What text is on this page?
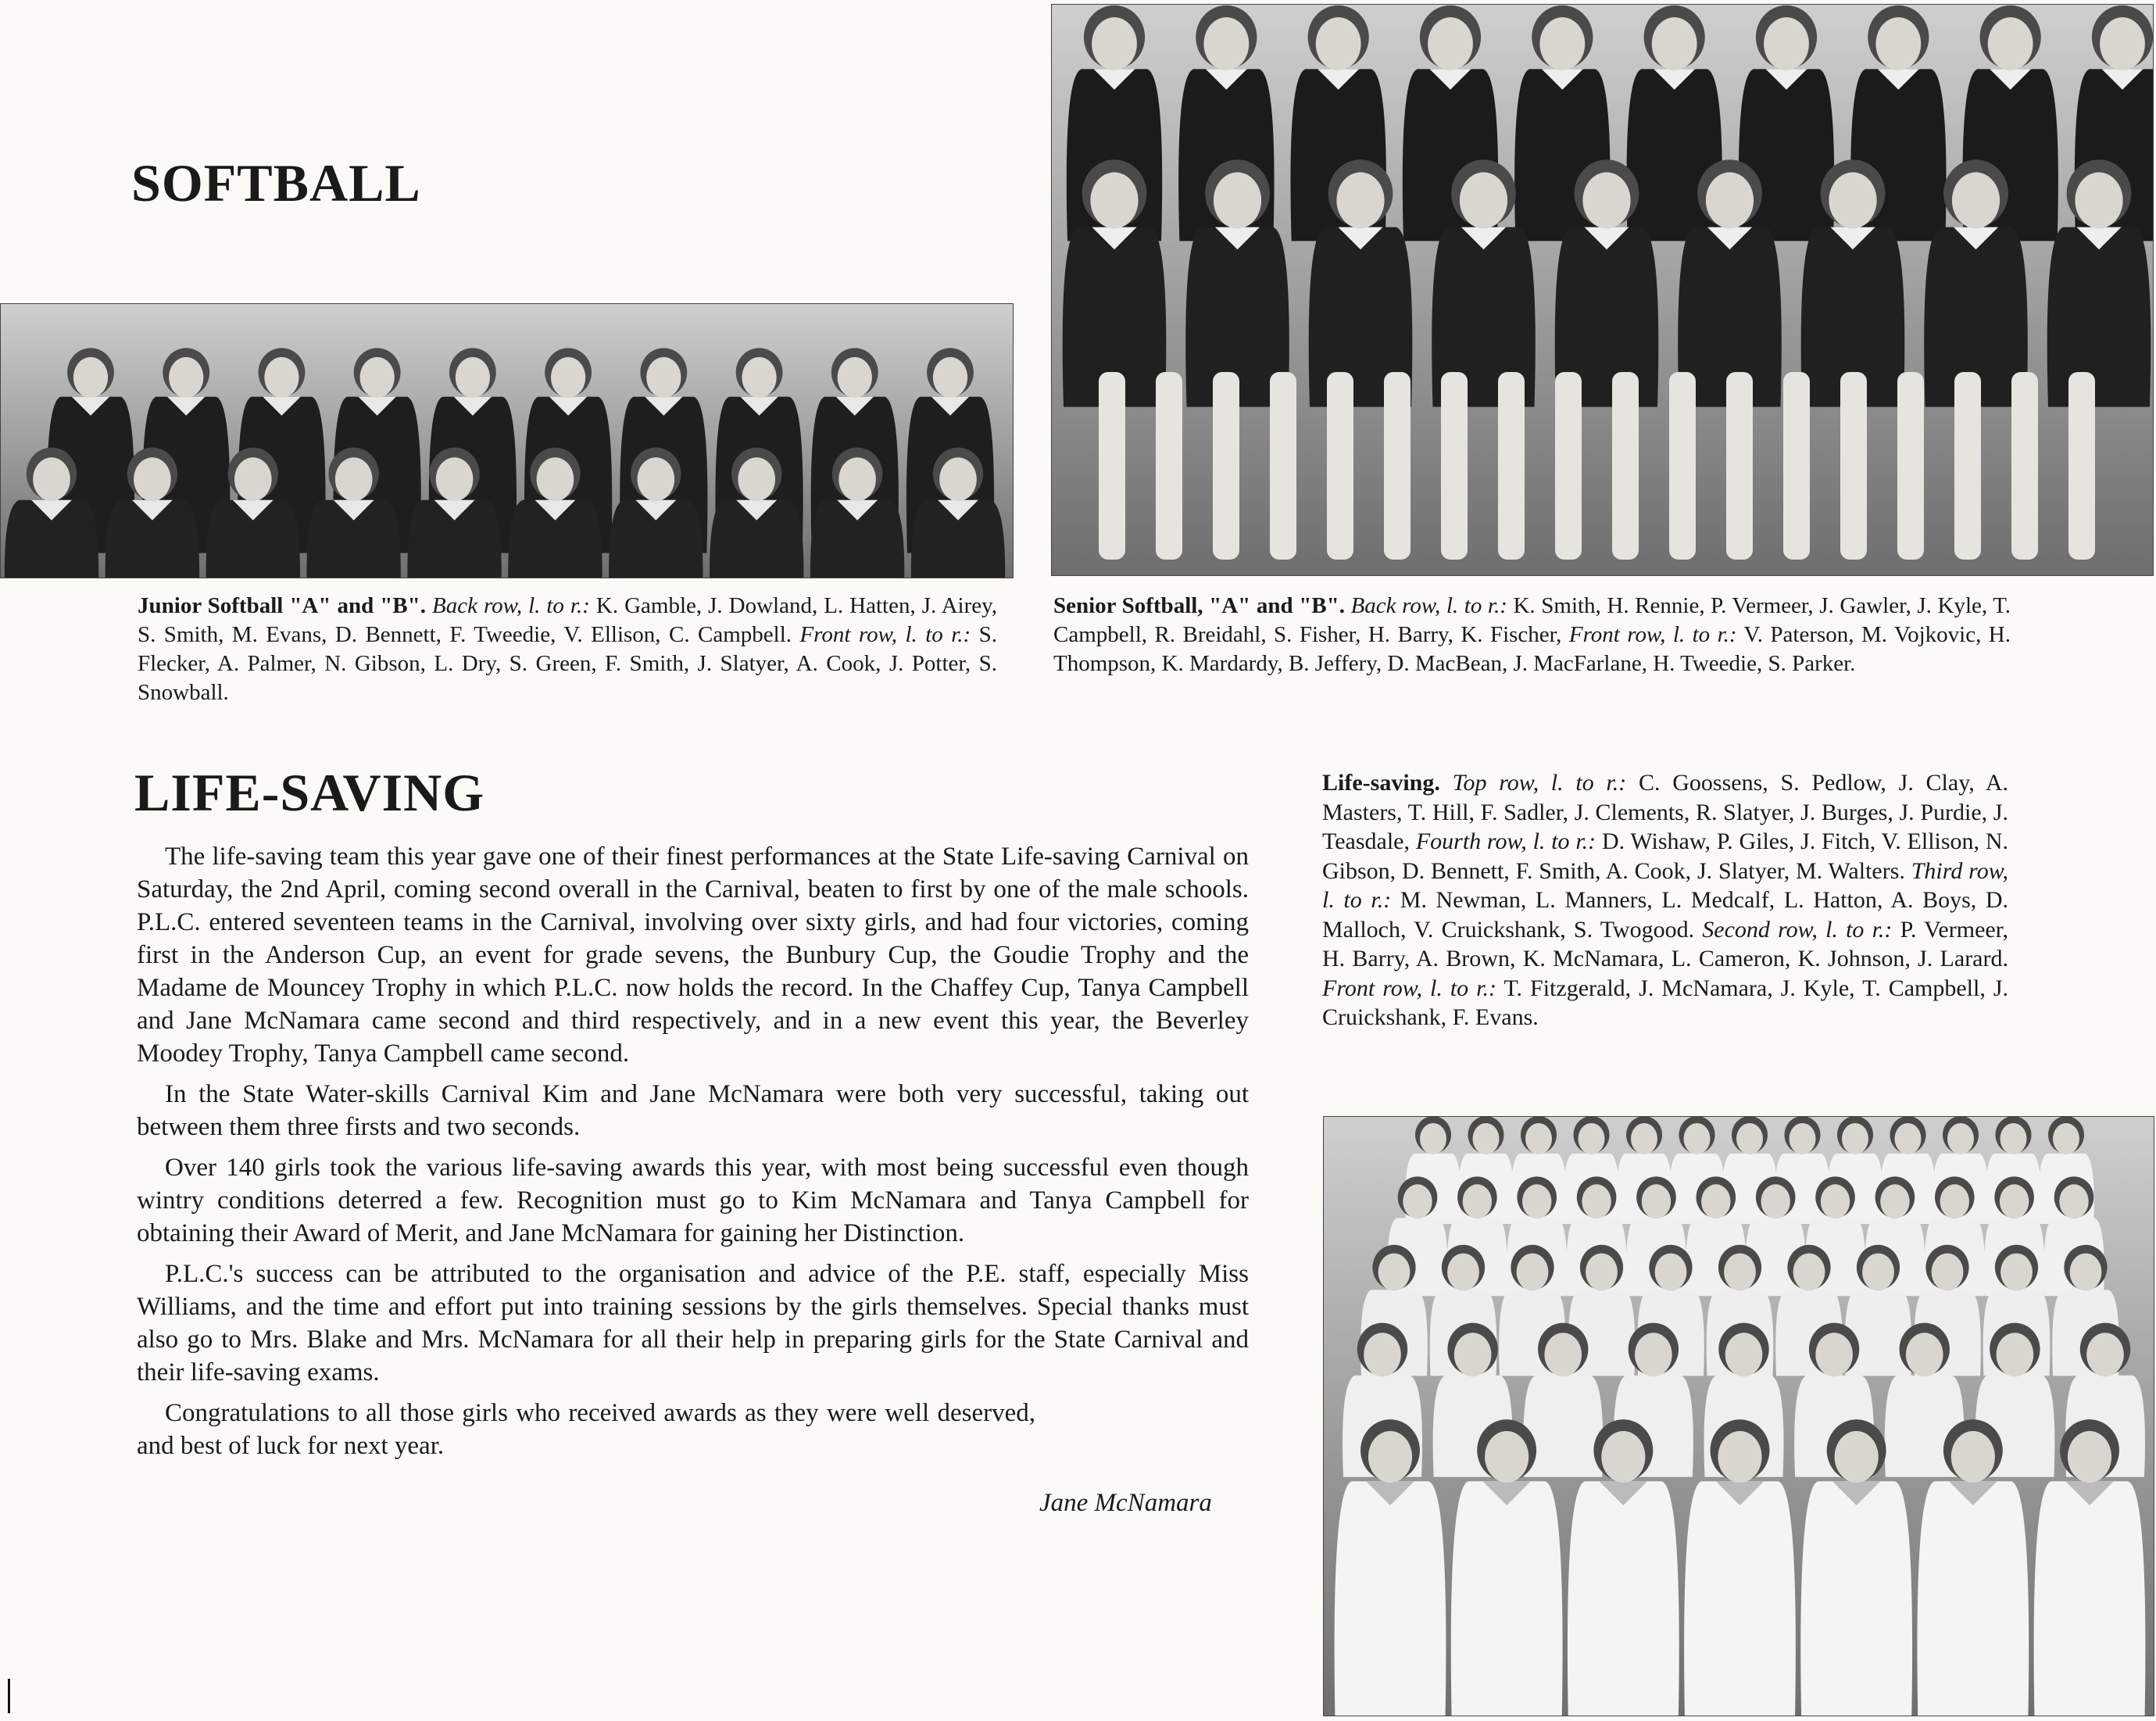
SOFTBALL
LIFE-SAVING

Junior Softball "A" and "B". Back row, l. to r.: K. Gamble, J. Dowland, L. Hatten, J. Airey, S. Smith, M. Evans, D. Bennett, F. Tweedie, V. Ellison, C. Campbell. Front row, l. to r.: S. Flecker, A. Palmer, N. Gibson, L. Dry, S. Green, F. Smith, J. Slatyer, A. Cook, J. Potter, S. Snowball.

Senior Softball, "A" and "B". Back row, l. to r.: K. Smith, H. Rennie, P. Vermeer, J. Gawler, J. Kyle, T. Campbell, R. Breidahl, S. Fisher, H. Barry, K. Fischer, Front row, l. to r.: V. Paterson, M. Vojkovic, H. Thompson, K. Mardardy, B. Jeffery, D. MacBean, J. MacFarlane, H. Tweedie, S. Parker.

Life-saving. Top row, l. to r.: C. Goossens, S. Pedlow, J. Clay, A. Masters, T. Hill, F. Sadler, J. Clements, R. Slatyer, J. Burges, J. Purdie, J. Teasdale, Fourth row, l. to r.: D. Wishaw, P. Giles, J. Fitch, V. Ellison, N. Gibson, D. Bennett, F. Smith, A. Cook, J. Slatyer, M. Walters. Third row, l. to r.: M. Newman, L. Manners, L. Medcalf, L. Hatton, A. Boys, D. Malloch, V. Cruickshank, S. Twogood. Second row, l. to r.: P. Vermeer, H. Barry, A. Brown, K. McNamara, L. Cameron, K. Johnson, J. Larard. Front row, l. to r.: T. Fitzgerald, J. McNamara, J. Kyle, T. Campbell, J. Cruickshank, F. Evans.

The life-saving team this year gave one of their finest performances at the State Life-saving Carnival on Saturday, the 2nd April, coming second overall in the Carnival, beaten to first by one of the male schools. P.L.C. entered seventeen teams in the Carnival, involving over sixty girls, and had four victories, coming first in the Anderson Cup, an event for grade sevens, the Bunbury Cup, the Goudie Trophy and the Madame de Mouncey Trophy in which P.L.C. now holds the record. In the Chaffey Cup, Tanya Campbell and Jane McNamara came second and third respectively, and in a new event this year, the Beverley Moodey Trophy, Tanya Campbell came second.

In the State Water-skills Carnival Kim and Jane McNamara were both very successful, taking out between them three firsts and two seconds.

Over 140 girls took the various life-saving awards this year, with most being successful even though wintry conditions deterred a few. Recognition must go to Kim McNamara and Tanya Campbell for obtaining their Award of Merit, and Jane McNamara for gaining her Distinction.

P.L.C.'s success can be attributed to the organisation and advice of the P.E. staff, especially Miss Williams, and the time and effort put into training sessions by the girls themselves. Special thanks must also go to Mrs. Blake and Mrs. McNamara for all their help in preparing girls for the State Carnival and their life-saving exams.

Congratulations to all those girls who received awards as they were well deserved, and best of luck for next year.

Jane McNamara
